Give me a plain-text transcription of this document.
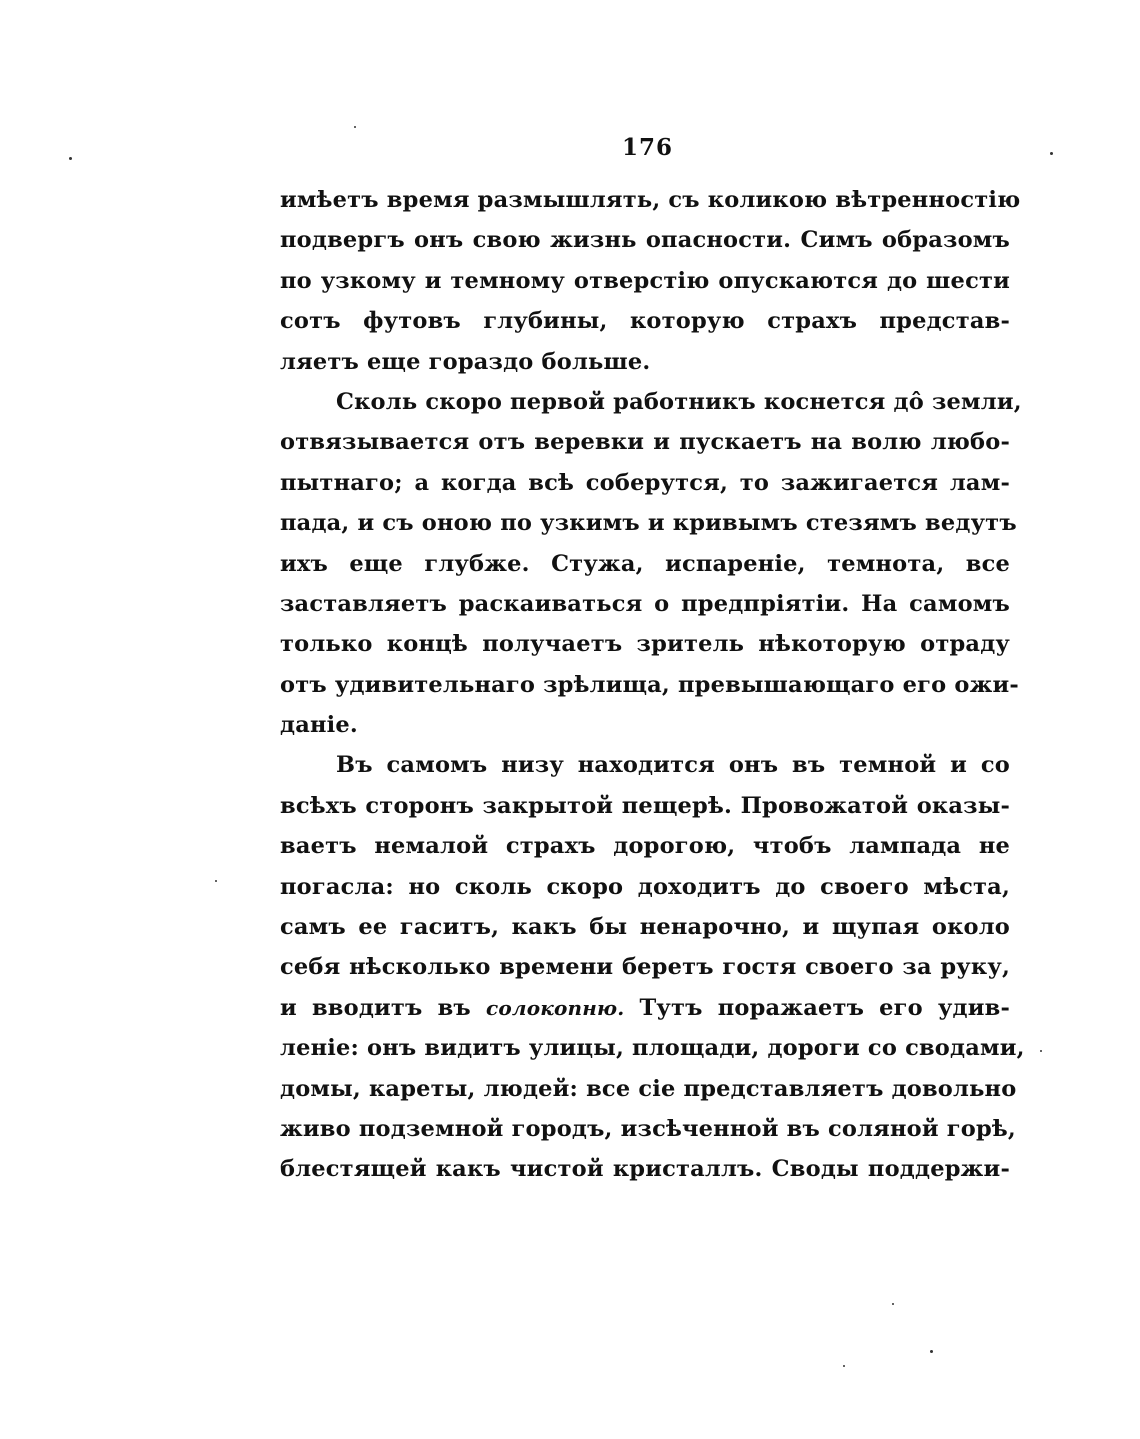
176
имѣетъ время размышлять, съ коликою вѣтренностiю
подвергъ онъ свою жизнь опасности. Симъ образомъ
по узкому и темному отверстiю опускаются до шести
сотъ футовъ глубины, которую страхъ представ-
ляетъ еще гораздо больше.
Сколь скоро первой работникъ коснется дô земли,
отвязывается отъ веревки и пускаетъ на волю любо-
пытнаго; а когда всѣ соберутся, то зажигается лам-
пада, и съ оною по узкимъ и кривымъ стезямъ ведутъ
ихъ еще глубже. Стужа, испаренiе, темнота, все
заставляетъ раскаиваться о предпрiятiи. На самомъ
только концѣ получаетъ зритель нѣкоторую отраду
отъ удивительнаго зрѣлища, превышающаго его ожи-
данiе.
Въ самомъ низу находится онъ въ темной и со
всѣхъ сторонъ закрытой пещерѣ. Провожатой оказы-
ваетъ немалой страхъ дорогою, чтобъ лампада не
погасла: но сколь скоро доходитъ до своего мѣста,
самъ ее гаситъ, какъ бы ненарочно, и щупая около
себя нѣсколько времени беретъ гостя своего за руку,
и вводитъ въ солокопню. Тутъ поражаетъ его удив-
ленiе: онъ видитъ улицы, площади, дороги со сводами,
домы, кареты, людей: все сiе представляетъ довольно
живо подземной городъ, изсѣченной въ соляной горѣ,
блестящей какъ чистой кристаллъ. Своды поддержи-
